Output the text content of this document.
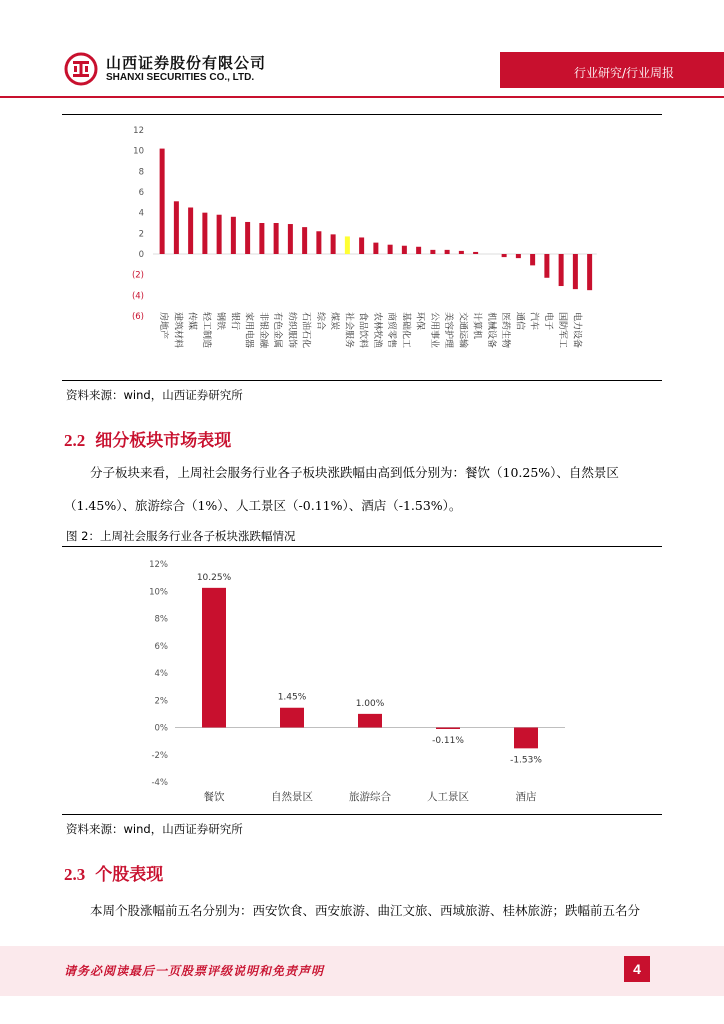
山西证券股份有限公司
SHANXI SECURITIES CO., LTD.	行业研究/行业周报
12
10
8
6
4
2
0
(2)
(4)
(6) 房地产 建筑材料 传媒 轻工制造 钢铁 银行 家用电器 非银金融 有色金属 纺织服饰 石油石化 综合 煤炭 社会服务 食品饮料 农林牧渔 商贸零售 基础化工 环保 公用事业 美容护理 交通运输 计算机 机械设备 医药生物 通信 汽车 电子 国防军工 电力设备
资料来源：wind，山西证券研究所
2.2 细分板块市场表现
分子板块来看，上周社会服务行业各子板块涨跌幅由高到低分别为：餐饮（10.25%）、自然景区（1.45%）、旅游综合（1%）、人工景区（-0.11%）、酒店（-1.53%）。
图 2：上周社会服务行业各子板块涨跌幅情况
12%
10%
8%
6%
4%
2%
0%
-2%
-4%
10.25%
餐饮
1.45%
自然景区
1.00%
旅游综合
-0.11%
人工景区
-1.53%
酒店
资料来源：wind，山西证券研究所
2.3 个股表现
本周个股涨幅前五名分别为：西安饮食、西安旅游、曲江文旅、西域旅游、桂林旅游；跌幅前五名分
请务必阅读最后一页股票评级说明和免责声明	4
